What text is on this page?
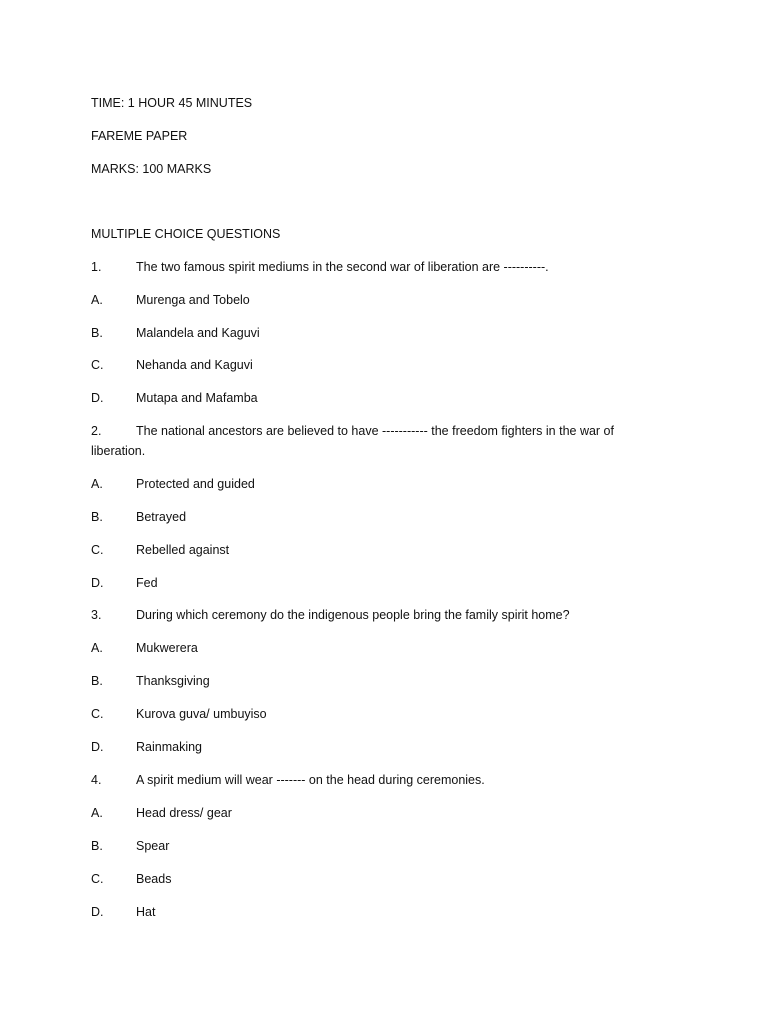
TIME: 1 HOUR 45 MINUTES
FAREME PAPER
MARKS: 100 MARKS
MULTIPLE CHOICE QUESTIONS
1.	The two famous spirit mediums in the second war of liberation are ----------.
A.	Murenga and Tobelo
B.	Malandela and Kaguvi
C.	Nehanda and Kaguvi
D.	Mutapa and Mafamba
2.	The national ancestors are believed to have ----------- the freedom fighters in the war of
liberation.
A.	Protected and guided
B.	Betrayed
C.	Rebelled against
D.	Fed
3.	During which ceremony do the indigenous people bring the family spirit home?
A.	Mukwerera
B.	Thanksgiving
C.	Kurova guva/ umbuyiso
D.	Rainmaking
4.	A spirit medium will wear ------- on the head during ceremonies.
A.	Head dress/ gear
B.	Spear
C.	Beads
D.	Hat
